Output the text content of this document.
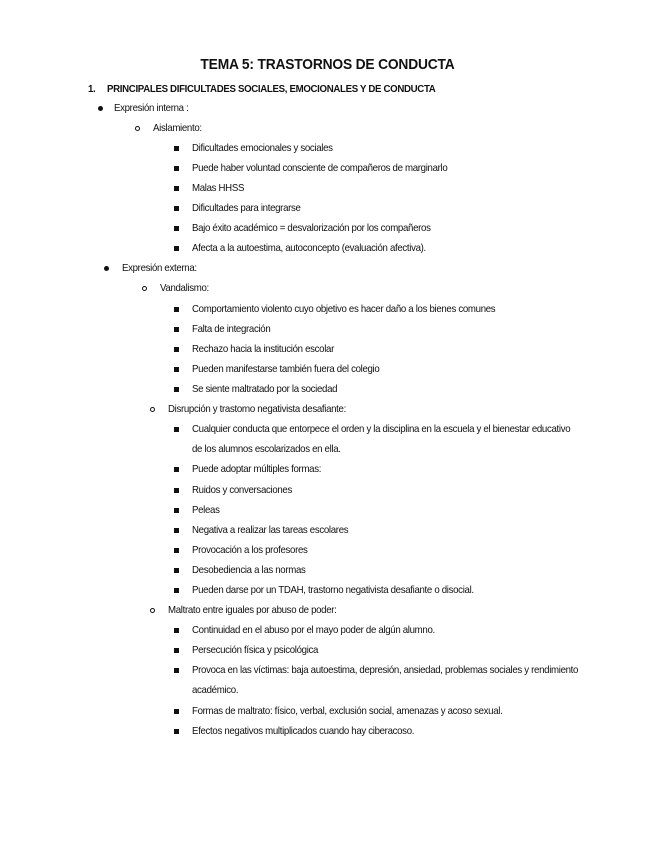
TEMA 5: TRASTORNOS DE CONDUCTA
1. PRINCIPALES DIFICULTADES SOCIALES, EMOCIONALES Y DE CONDUCTA
Expresión interna :
Aislamiento:
Dificultades emocionales y sociales
Puede haber voluntad consciente de compañeros de marginarlo
Malas HHSS
Dificultades para integrarse
Bajo éxito académico = desvalorización por los compañeros
Afecta a la autoestima, autoconcepto (evaluación afectiva).
Expresión externa:
Vandalismo:
Comportamiento violento cuyo objetivo es hacer daño a los bienes comunes
Falta de integración
Rechazo hacia la institución escolar
Pueden manifestarse también fuera del colegio
Se siente maltratado por la sociedad
Disrupción y trastorno negativista desafiante:
Cualquier conducta que entorpece el orden y la disciplina en la escuela y el bienestar educativo
de los alumnos escolarizados en ella.
Puede adoptar múltiples formas:
Ruidos y conversaciones
Peleas
Negativa a realizar las tareas escolares
Provocación a los profesores
Desobediencia a las normas
Pueden darse por un TDAH, trastorno negativista desafiante o disocial.
Maltrato entre iguales por abuso de poder:
Continuidad en el abuso por el mayo poder de algún alumno.
Persecución física y psicológica
Provoca en las víctimas: baja autoestima, depresión, ansiedad, problemas sociales y rendimiento
académico.
Formas de maltrato: físico, verbal, exclusión social, amenazas y acoso sexual.
Efectos negativos multiplicados cuando hay ciberacoso.
